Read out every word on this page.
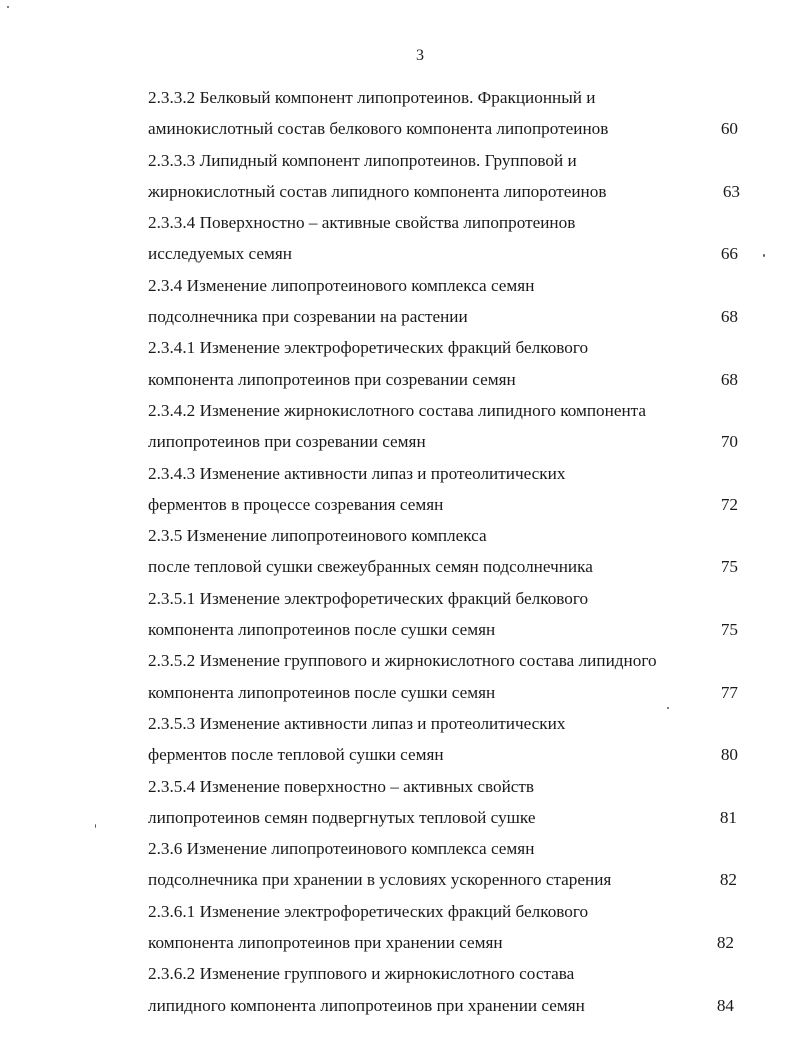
3
2.3.3.2 Белковый компонент липопротеинов. Фракционный и
аминокислотный состав белкового компонента липопротеинов	60
2.3.3.3 Липидный компонент липопротеинов. Групповой и
жирнокислотный состав липидного компонента липоротеинов	63
2.3.3.4 Поверхностно – активные свойства липопротеинов
исследуемых семян	66
2.3.4 Изменение липопротеинового комплекса семян
подсолнечника при созревании на растении	68
2.3.4.1 Изменение электрофоретических фракций белкового
компонента липопротеинов при созревании семян	68
2.3.4.2 Изменение жирнокислотного состава липидного компонента
липопротеинов при созревании семян	70
2.3.4.3 Изменение активности липаз и протеолитических
ферментов в процессе созревания семян	72
2.3.5 Изменение липопротеинового комплекса
после тепловой сушки свежеубранных семян подсолнечника	75
2.3.5.1 Изменение электрофоретических фракций белкового
компонента липопротеинов после сушки семян	75
2.3.5.2 Изменение группового и жирнокислотного состава липидного
компонента липопротеинов после сушки семян	77
2.3.5.3 Изменение активности липаз и протеолитических
ферментов после тепловой сушки семян	80
2.3.5.4 Изменение поверхностно – активных свойств
липопротеинов семян подвергнутых тепловой сушке	81
2.3.6 Изменение липопротеинового комплекса семян
подсолнечника при хранении в условиях ускоренного старения	82
2.3.6.1 Изменение электрофоретических фракций белкового
компонента липопротеинов при хранении семян	82
2.3.6.2 Изменение группового и жирнокислотного состава
липидного компонента липопротеинов при хранении семян	84
